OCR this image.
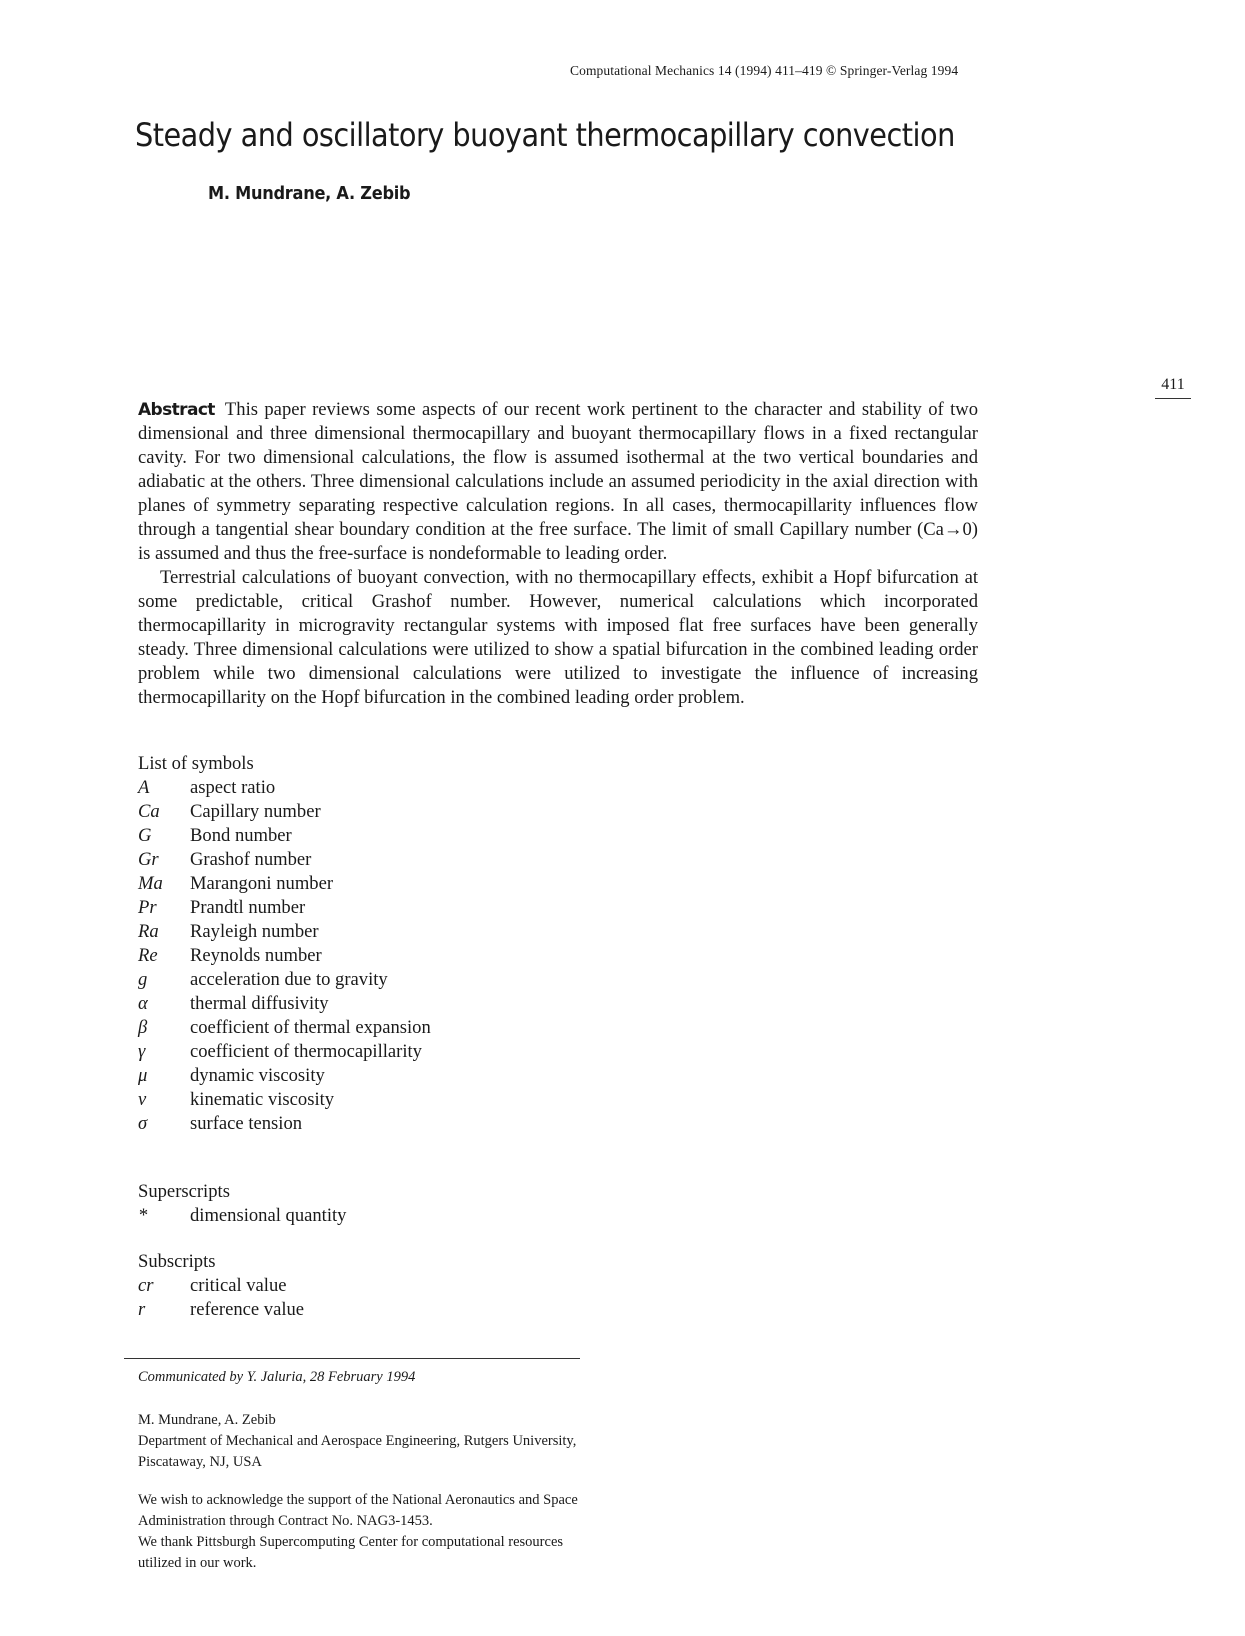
Computational Mechanics 14 (1994) 411–419 © Springer-Verlag 1994
411
Steady and oscillatory buoyant thermocapillary convection
M. Mundrane, A. Zebib

Abstract This paper reviews some aspects of our recent work pertinent to the character and stability of two dimensional and three dimensional thermocapillary and buoyant thermocapillary flows in a fixed rectangular cavity. For two dimensional calculations, the flow is assumed isothermal at the two vertical boundaries and adiabatic at the others. Three dimensional calculations include an assumed periodicity in the axial direction with planes of symmetry separating respective calculation regions. In all cases, thermocapillarity influences flow through a tangential shear boundary condition at the free surface. The limit of small Capillary number (Ca→0) is assumed and thus the free-surface is nondeformable to leading order.

Terrestrial calculations of buoyant convection, with no thermocapillary effects, exhibit a Hopf bifurcation at some predictable, critical Grashof number. However, numerical calculations which incorporated thermocapillarity in microgravity rectangular systems with imposed flat free surfaces have been generally steady. Three dimensional calculations were utilized to show a spatial bifurcation in the combined leading order problem while two dimensional calculations were utilized to investigate the influence of increasing thermocapillarity on the Hopf bifurcation in the combined leading order problem.

List of symbols
A	aspect ratio
Ca	Capillary number
G	Bond number
Gr	Grashof number
Ma	Marangoni number
Pr	Prandtl number
Ra	Rayleigh number
Re	Reynolds number
g	acceleration due to gravity
α	thermal diffusivity
β	coefficient of thermal expansion
γ	coefficient of thermocapillarity
μ	dynamic viscosity
ν	kinematic viscosity
σ	surface tension
Superscripts
*	dimensional quantity
Subscripts
cr	critical value
r	reference value

Communicated by Y. Jaluria, 28 February 1994

M. Mundrane, A. Zebib

Department of Mechanical and Aerospace Engineering, Rutgers University, Piscataway, NJ, USA

We wish to acknowledge the support of the National Aeronautics and Space Administration through Contract No. NAG3-1453.

We thank Pittsburgh Supercomputing Center for computational resources utilized in our work.
